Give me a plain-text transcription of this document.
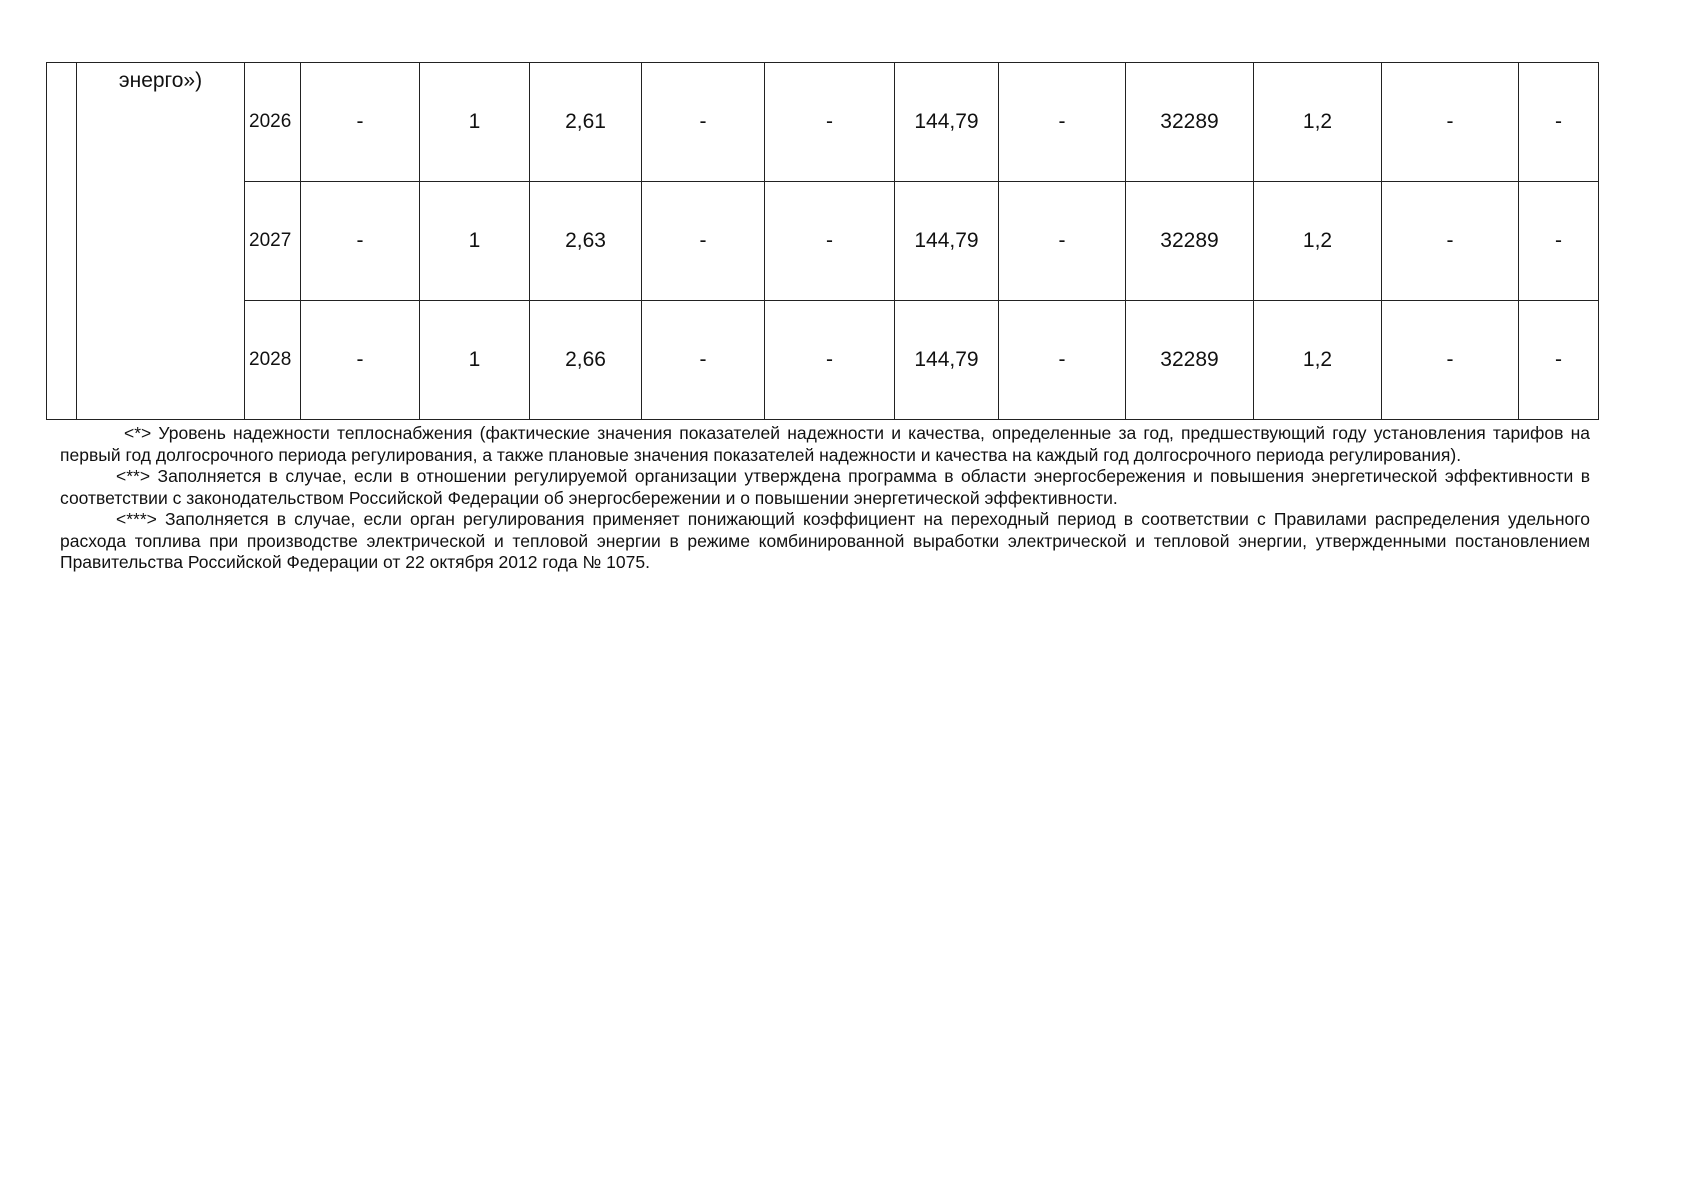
	энерго»)	2026	-	1	2,61	-	-	144,79	-	32289	1,2	-	-
		2027	-	1	2,63	-	-	144,79	-	32289	1,2	-	-
		2028	-	1	2,66	-	-	144,79	-	32289	1,2	-	-

<*> Уровень надежности теплоснабжения (фактические значения показателей надежности и качества, определенные за год, предшествующий году установления тарифов на первый год долгосрочного периода регулирования, а также плановые значения показателей надежности и качества на каждый год долгосрочного периода регулирования).

<**> Заполняется в случае, если в отношении регулируемой организации утверждена программа в области энергосбережения и повышения энергетической эффективности в соответствии с законодательством Российской Федерации об энергосбережении и о повышении энергетической эффективности.

<***> Заполняется в случае, если орган регулирования применяет понижающий коэффициент на переходный период в соответствии с Правилами распределения удельного расхода топлива при производстве электрической и тепловой энергии в режиме комбинированной выработки электрической и тепловой энергии, утвержденными постановлением Правительства Российской Федерации от 22 октября 2012 года № 1075.
